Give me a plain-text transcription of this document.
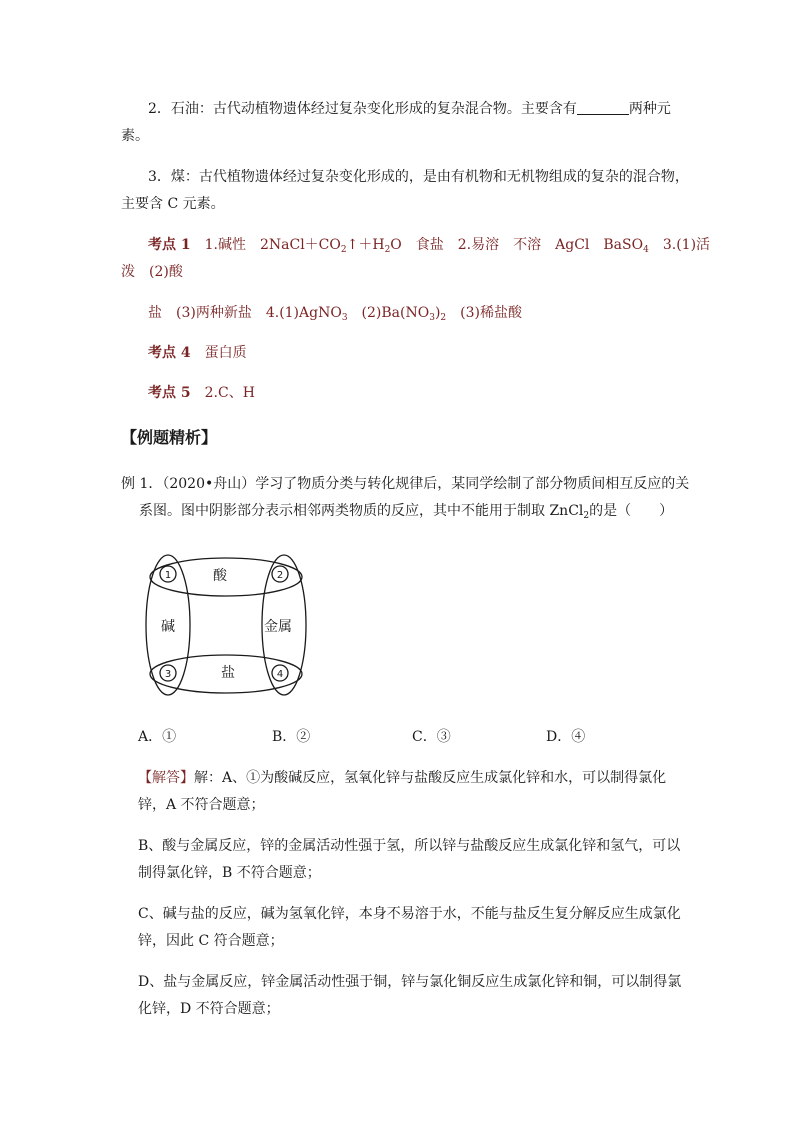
2．石油：古代动植物遗体经过复杂变化形成的复杂混合物。主要含有	两种元
素。
3．煤：古代植物遗体经过复杂变化形成的，是由有机物和无机物组成的复杂的混合物，
主要含 C 元素。
考点 1 1.碱性　$2NaCl+CO_2↑+H_2O$　食盐　2.易溶　不溶　AgCl　BaSO$_4$　3.(1)活
泼　(2)酸
盐　(3)两种新盐　4.(1)AgNO$_3$　$(2)Ba(NO_3)_2$　(3)稀盐酸
考点 4 蛋白质
考点 5 2.C、H
【例题精析】
例 1．（2020•舟山）学习了物质分类与转化规律后，某同学绘制了部分物质间相互反应的关
系图。图中阴影部分表示相邻两类物质的反应，其中不能用于制取 ZnCl$_2$的是（　　）
1	2
3	4
酸
碱	金属
盐
A．①	B．②	C．③	D．④
【解答】解：A、①为酸碱反应，氢氧化锌与盐酸反应生成氯化锌和水，可以制得氯化
锌，A 不符合题意；
B、酸与金属反应，锌的金属活动性强于氢，所以锌与盐酸反应生成氯化锌和氢气，可以
制得氯化锌，B 不符合题意；
C、碱与盐的反应，碱为氢氧化锌，本身不易溶于水，不能与盐反生复分解反应生成氯化
锌，因此 C 符合题意；
D、盐与金属反应，锌金属活动性强于铜，锌与氯化铜反应生成氯化锌和铜，可以制得氯
化锌，D 不符合题意；
